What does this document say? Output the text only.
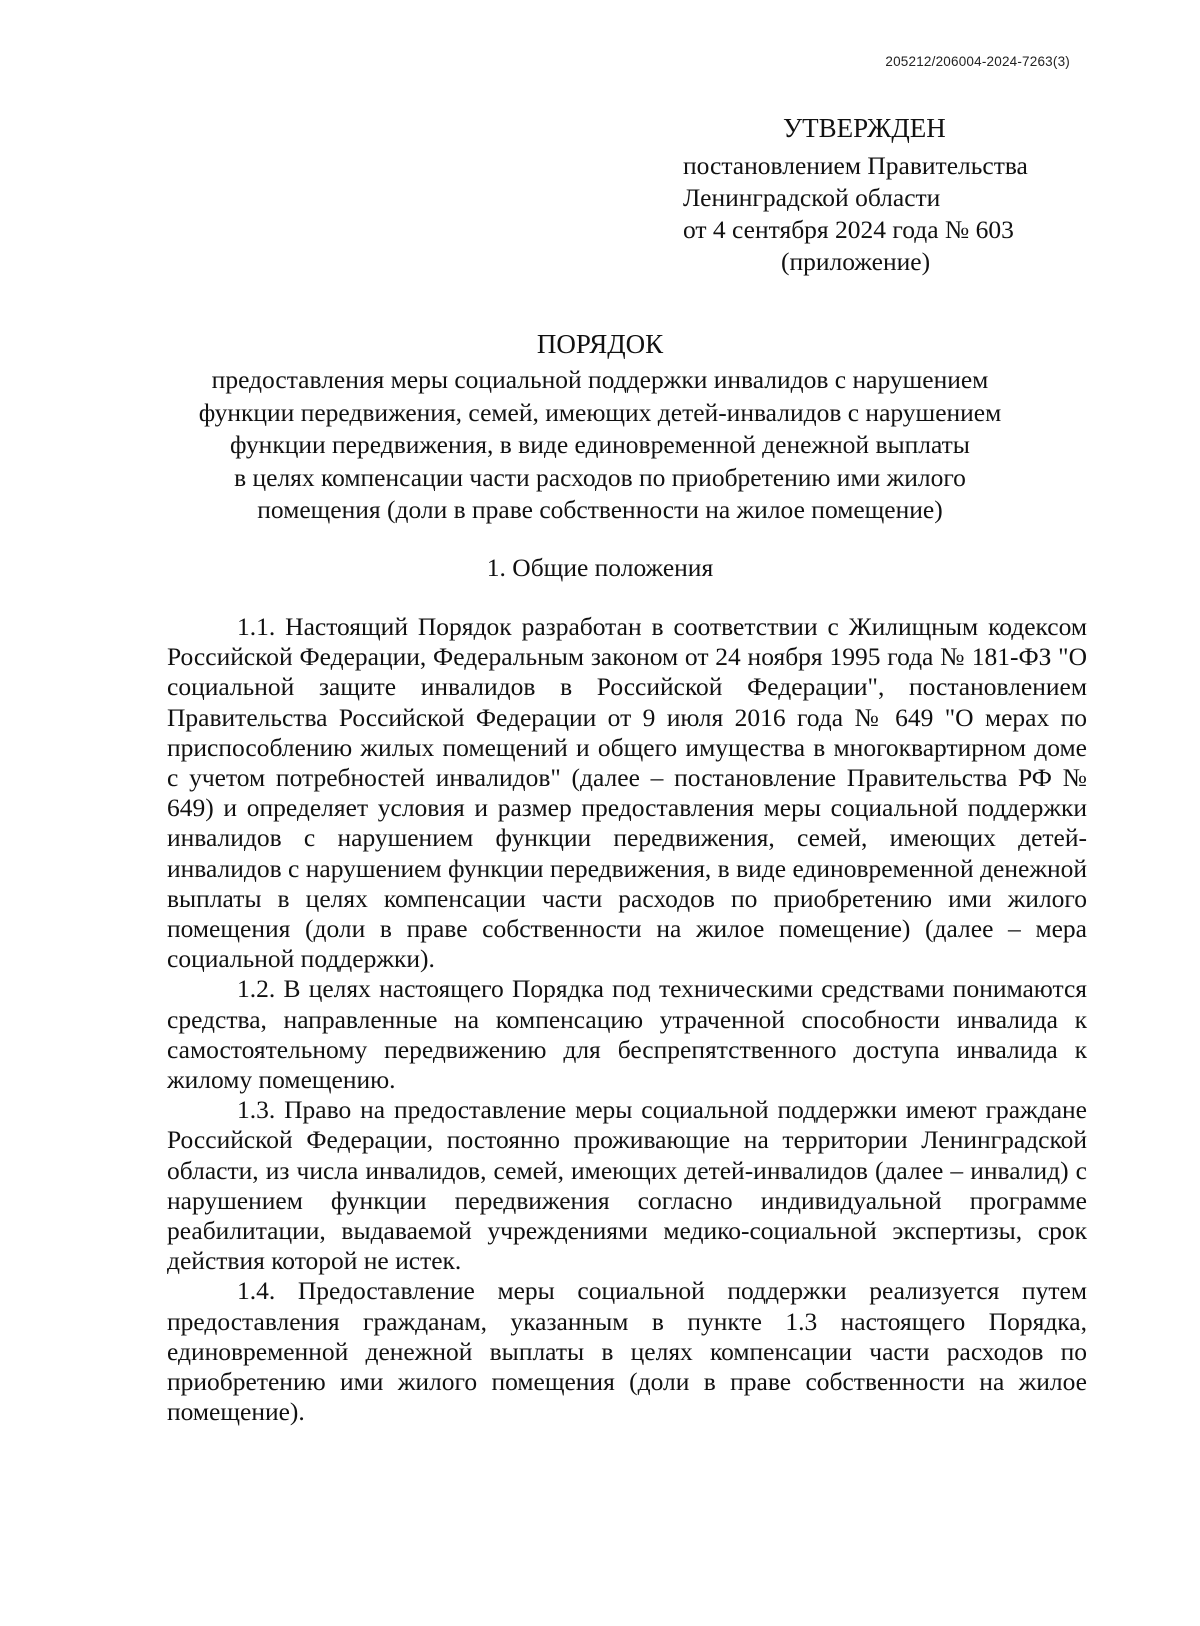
205212/206004-2024-7263(3)
УТВЕРЖДЕН
постановлением Правительства
Ленинградской области
от 4 сентября 2024 года № 603
(приложение)
ПОРЯДОК
предоставления меры социальной поддержки инвалидов с нарушением
функции передвижения, семей, имеющих детей-инвалидов с нарушением
функции передвижения, в виде единовременной денежной выплаты
в целях компенсации части расходов по приобретению ими жилого
помещения (доли в праве собственности на жилое помещение)
1. Общие положения

1.1. Настоящий Порядок разработан в соответствии с Жилищным кодексом Российской Федерации, Федеральным законом от 24 ноября 1995 года № 181-ФЗ "О социальной защите инвалидов в Российской Федерации", постановлением Правительства Российской Федерации от 9 июля 2016 года № 649 "О мерах по приспособлению жилых помещений и общего имущества в многоквартирном доме с учетом потребностей инвалидов" (далее – постановление Правительства РФ № 649) и определяет условия и размер предоставления меры социальной поддержки инвалидов с нарушением функции передвижения, семей, имеющих детей-инвалидов с нарушением функции передвижения, в виде единовременной денежной выплаты в целях компенсации части расходов по приобретению ими жилого помещения (доли в праве собственности на жилое помещение) (далее – мера социальной поддержки).

1.2. В целях настоящего Порядка под техническими средствами понимаются средства, направленные на компенсацию утраченной способности инвалида к самостоятельному передвижению для беспрепятственного доступа инвалида к жилому помещению.

1.3. Право на предоставление меры социальной поддержки имеют граждане Российской Федерации, постоянно проживающие на территории Ленинградской области, из числа инвалидов, семей, имеющих детей-инвалидов (далее – инвалид) с нарушением функции передвижения согласно индивидуальной программе реабилитации, выдаваемой учреждениями медико-социальной экспертизы, срок действия которой не истек.

1.4. Предоставление меры социальной поддержки реализуется путем предоставления гражданам, указанным в пункте 1.3 настоящего Порядка, единовременной денежной выплаты в целях компенсации части расходов по приобретению ими жилого помещения (доли в праве собственности на жилое помещение).
